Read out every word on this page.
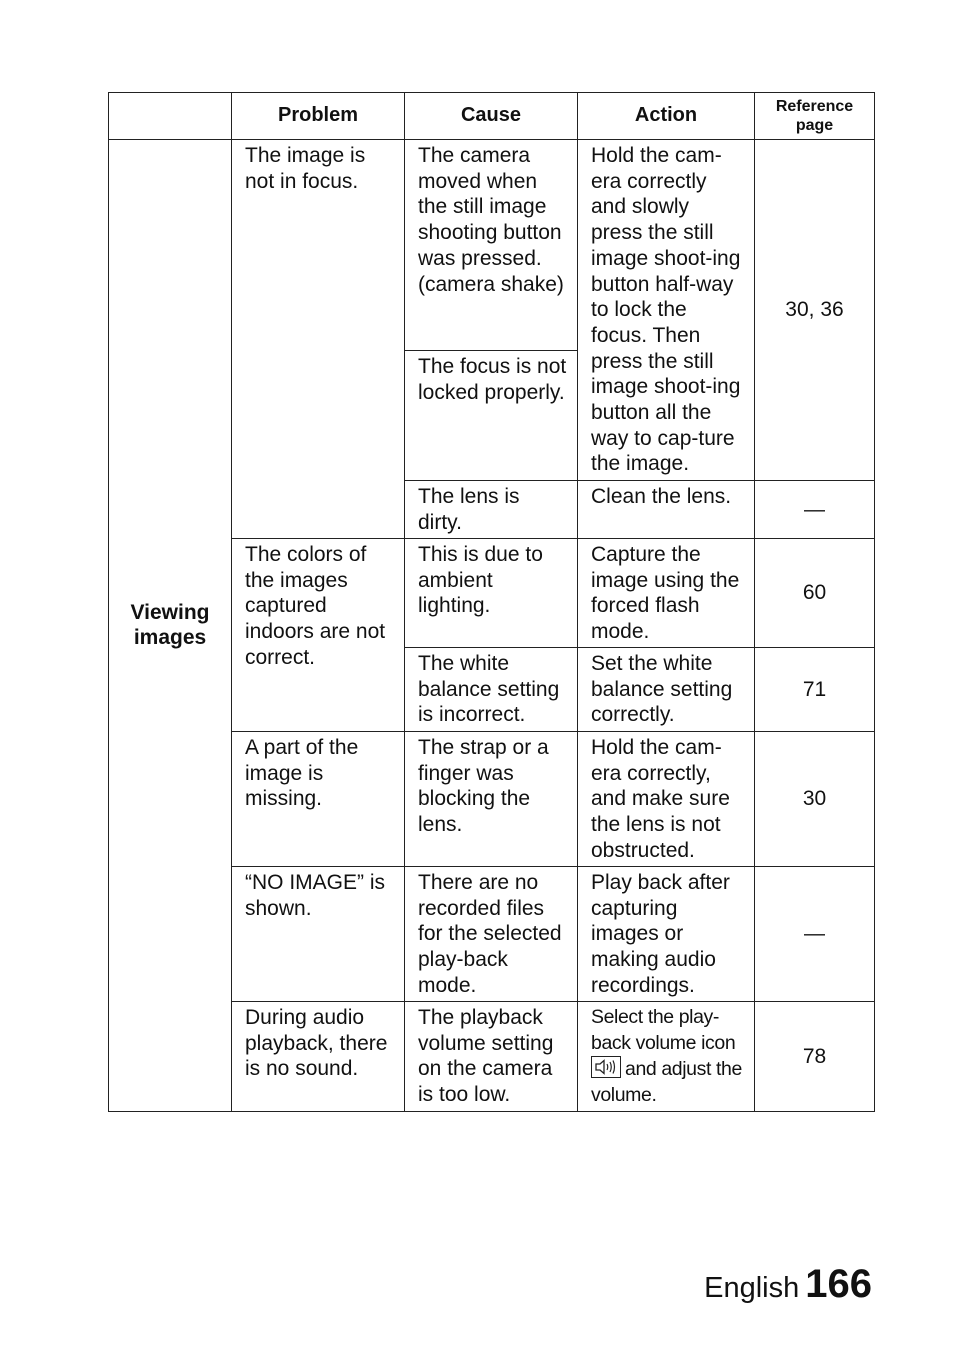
	Problem	Cause	Action	Reference
page
Viewing
images	The image is not in focus.	The camera moved when the still image shooting button was pressed. (camera shake)	Hold the cam-era correctly and slowly press the still image shoot-ing button half-way to lock the focus. Then press the still image shoot-ing button all the way to cap-ture the image.	30, 36
		The focus is not locked properly.		
		The lens is dirty.	Clean the lens.	—
	The colors of the images captured indoors are not correct.	This is due to ambient lighting.	Capture the image using the forced flash mode.	60
		The white balance setting is incorrect.	Set the white balance setting correctly.	71
	A part of the image is missing.	The strap or a finger was blocking the lens.	Hold the cam-era correctly, and make sure the lens is not obstructed.	30
	“NO IMAGE” is shown.	There are no recorded files for the selected play-back mode.	Play back after capturing images or making audio recordings.	—
	During audio playback, there is no sound.	The playback volume setting on the camera is too low.	Select the play-back volume icon
and adjust the volume.	78
English 166
